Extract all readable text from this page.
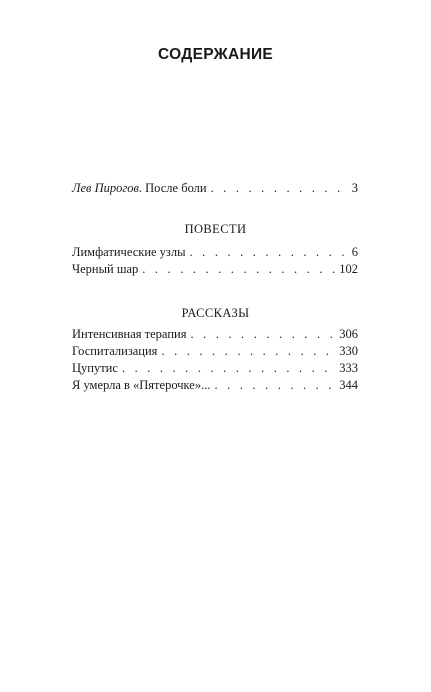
СОДЕРЖАНИЕ
Лев Пирогов. После боли . . .	3
ПОВЕСТИ
Лимфатические узлы . . .	6
Черный шар . . .	102
РАССКАЗЫ
Интенсивная терапия . . .	306
Госпитализация . . .	330
Цупутис . . .	333
Я умерла в «Пятерочке»... . . .	344
